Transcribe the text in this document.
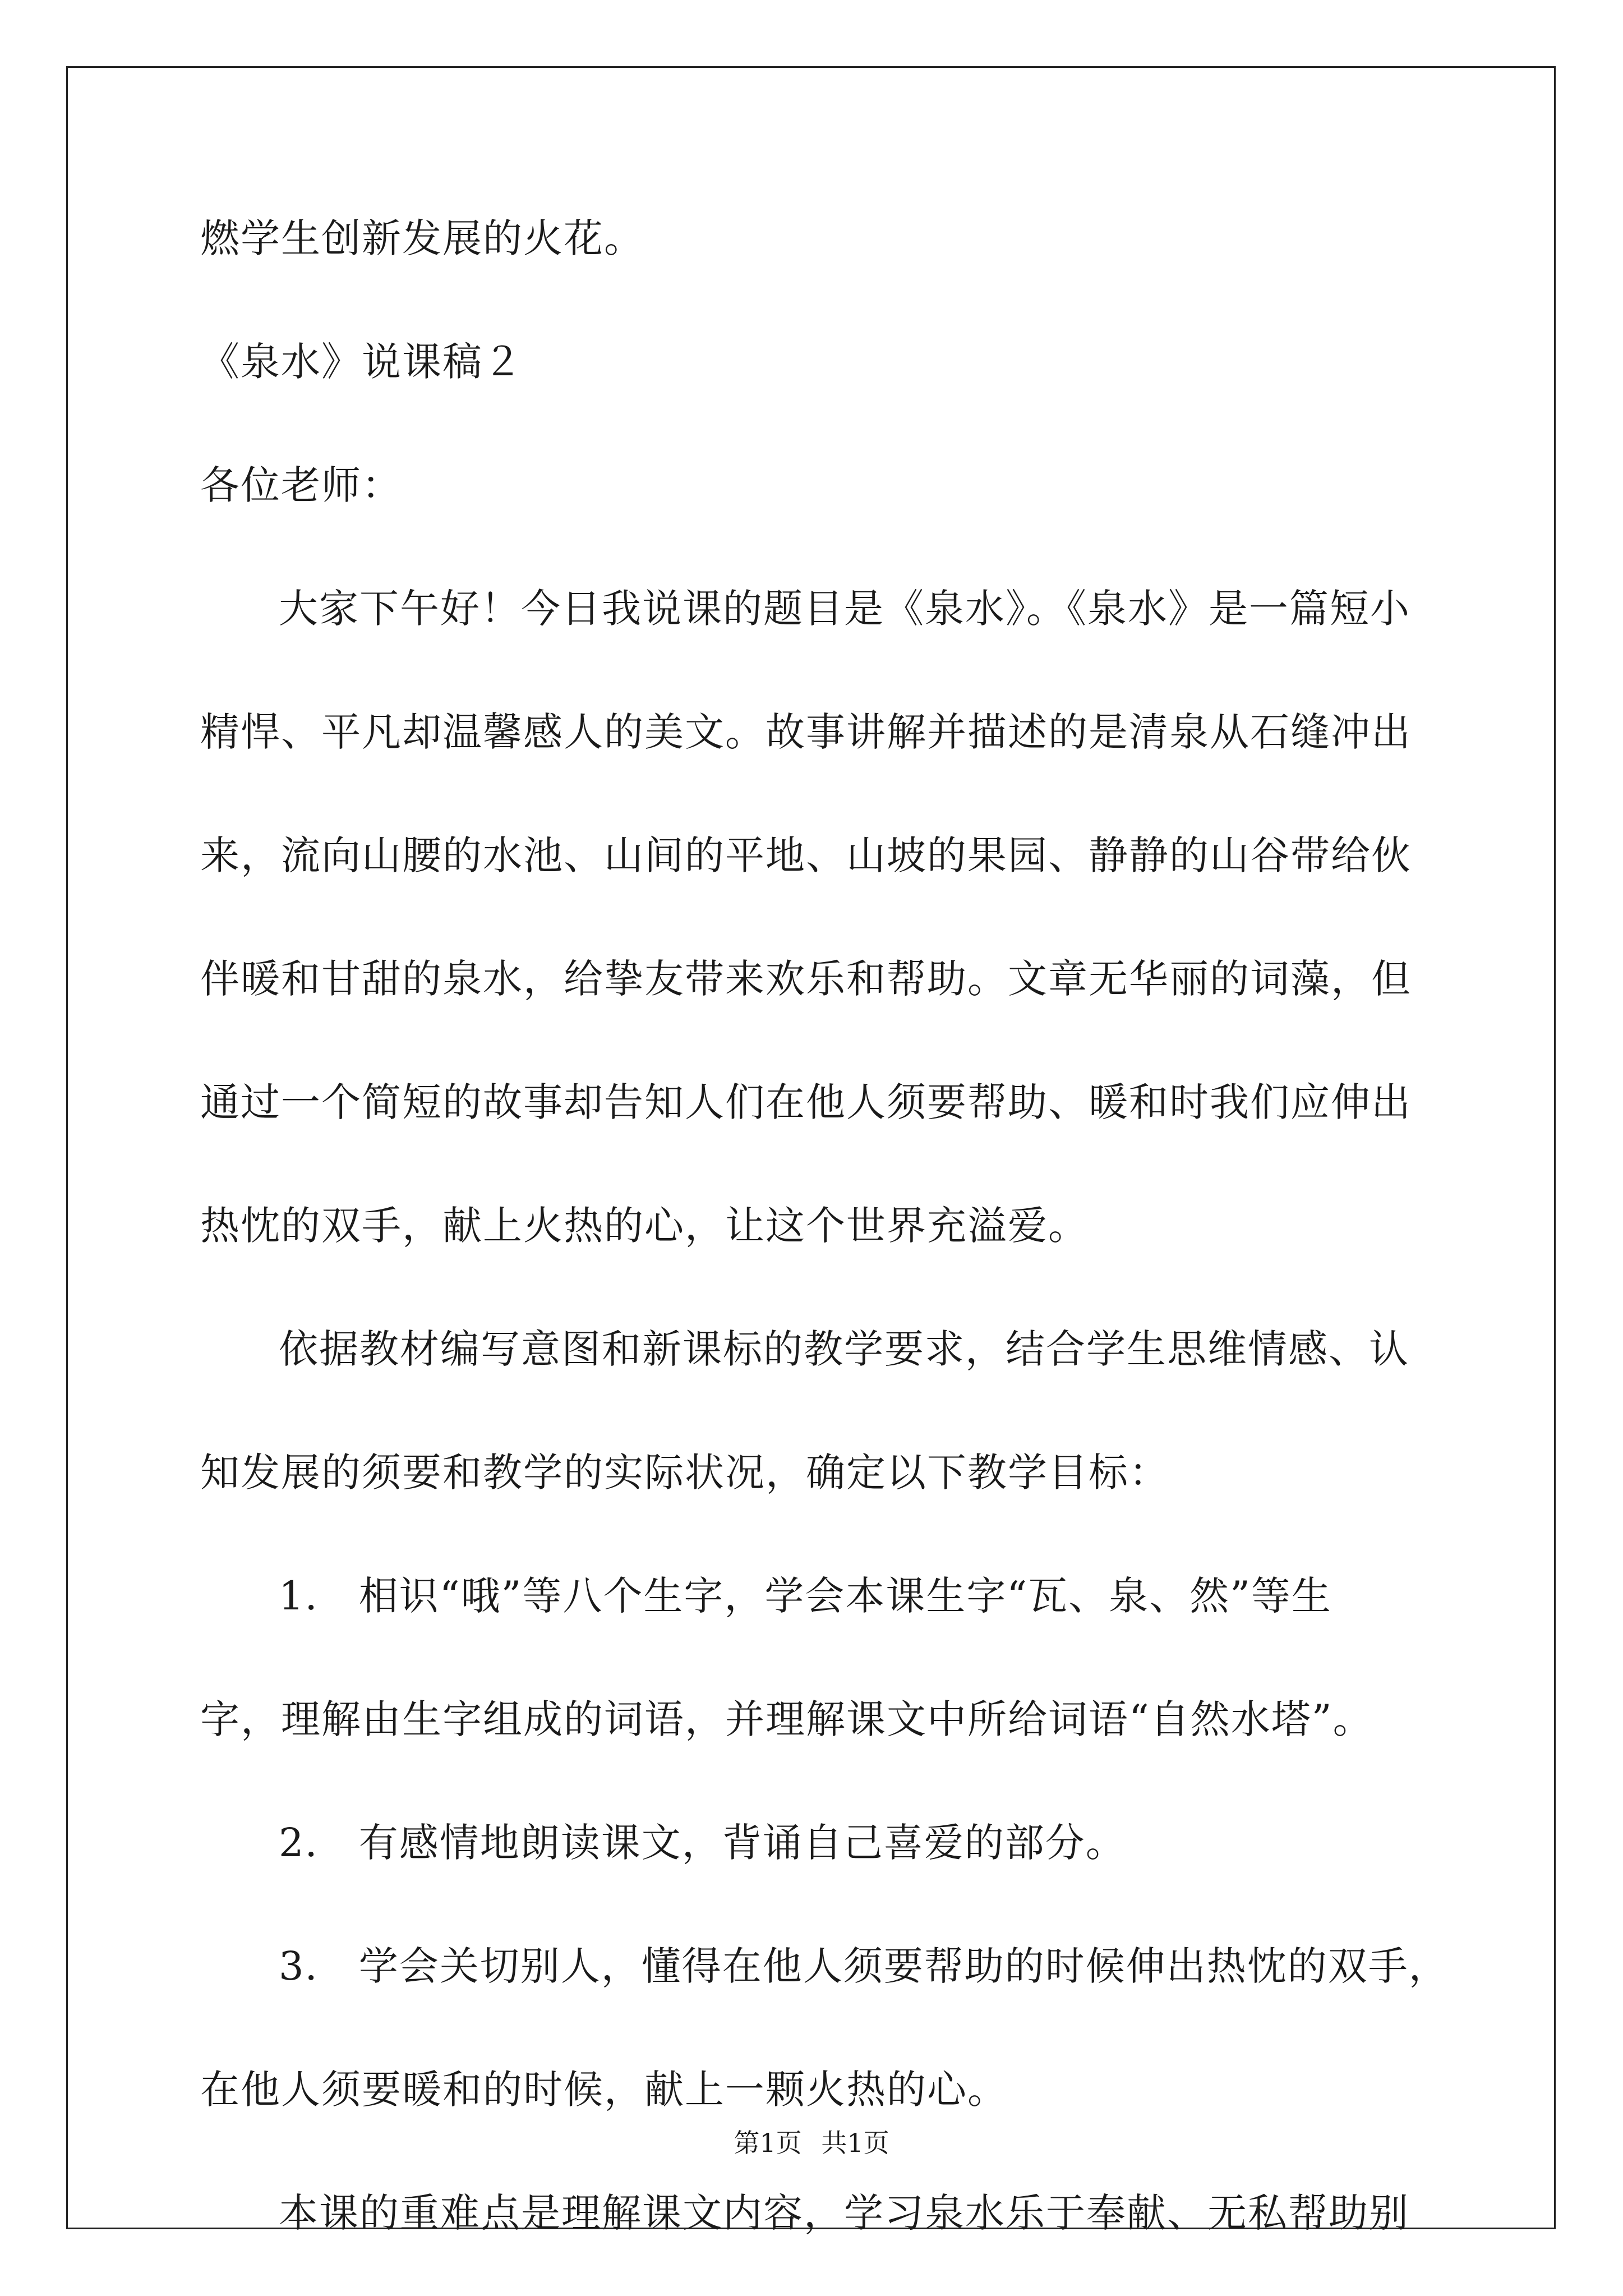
燃学生创新发展的火花。
《泉水》说课稿２
各位老师：
大家下午好！今日我说课的题目是《泉水》。《泉水》是一篇短小
精悍、平凡却温馨感人的美文。故事讲解并描述的是清泉从石缝冲出
来，流向山腰的水池、山间的平地、山坡的果园、静静的山谷带给伙
伴暖和甘甜的泉水，给挚友带来欢乐和帮助。文章无华丽的词藻，但
通过一个简短的故事却告知人们在他人须要帮助、暖和时我们应伸出
热忱的双手，献上火热的心，让这个世界充溢爱。
依据教材编写意图和新课标的教学要求，结合学生思维情感、认
知发展的须要和教学的实际状况，确定以下教学目标：
1.　相识“哦”等八个生字，学会本课生字“瓦、泉、然”等生
字，理解由生字组成的词语，并理解课文中所给词语“自然水塔”。
2.　有感情地朗读课文，背诵自己喜爱的部分。
3.　学会关切别人，懂得在他人须要帮助的时候伸出热忱的双手，
在他人须要暖和的时候，献上一颗火热的心。
本课的重难点是理解课文内容，学习泉水乐于奉献、无私帮助别
第1页 共1页
